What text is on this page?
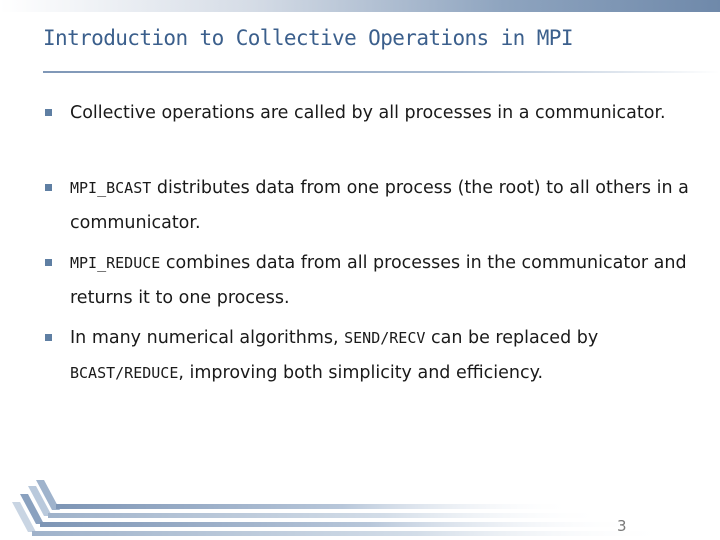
Introduction to Collective Operations in MPI
Collective operations are called by all processes in a communicator.
MPI_BCAST distributes data from one process (the root) to all others in a communicator.
MPI_REDUCE combines data from all processes in the communicator and returns it to one process.
In many numerical algorithms, SEND/RECV can be replaced by BCAST/REDUCE, improving both simplicity and efficiency.
3
